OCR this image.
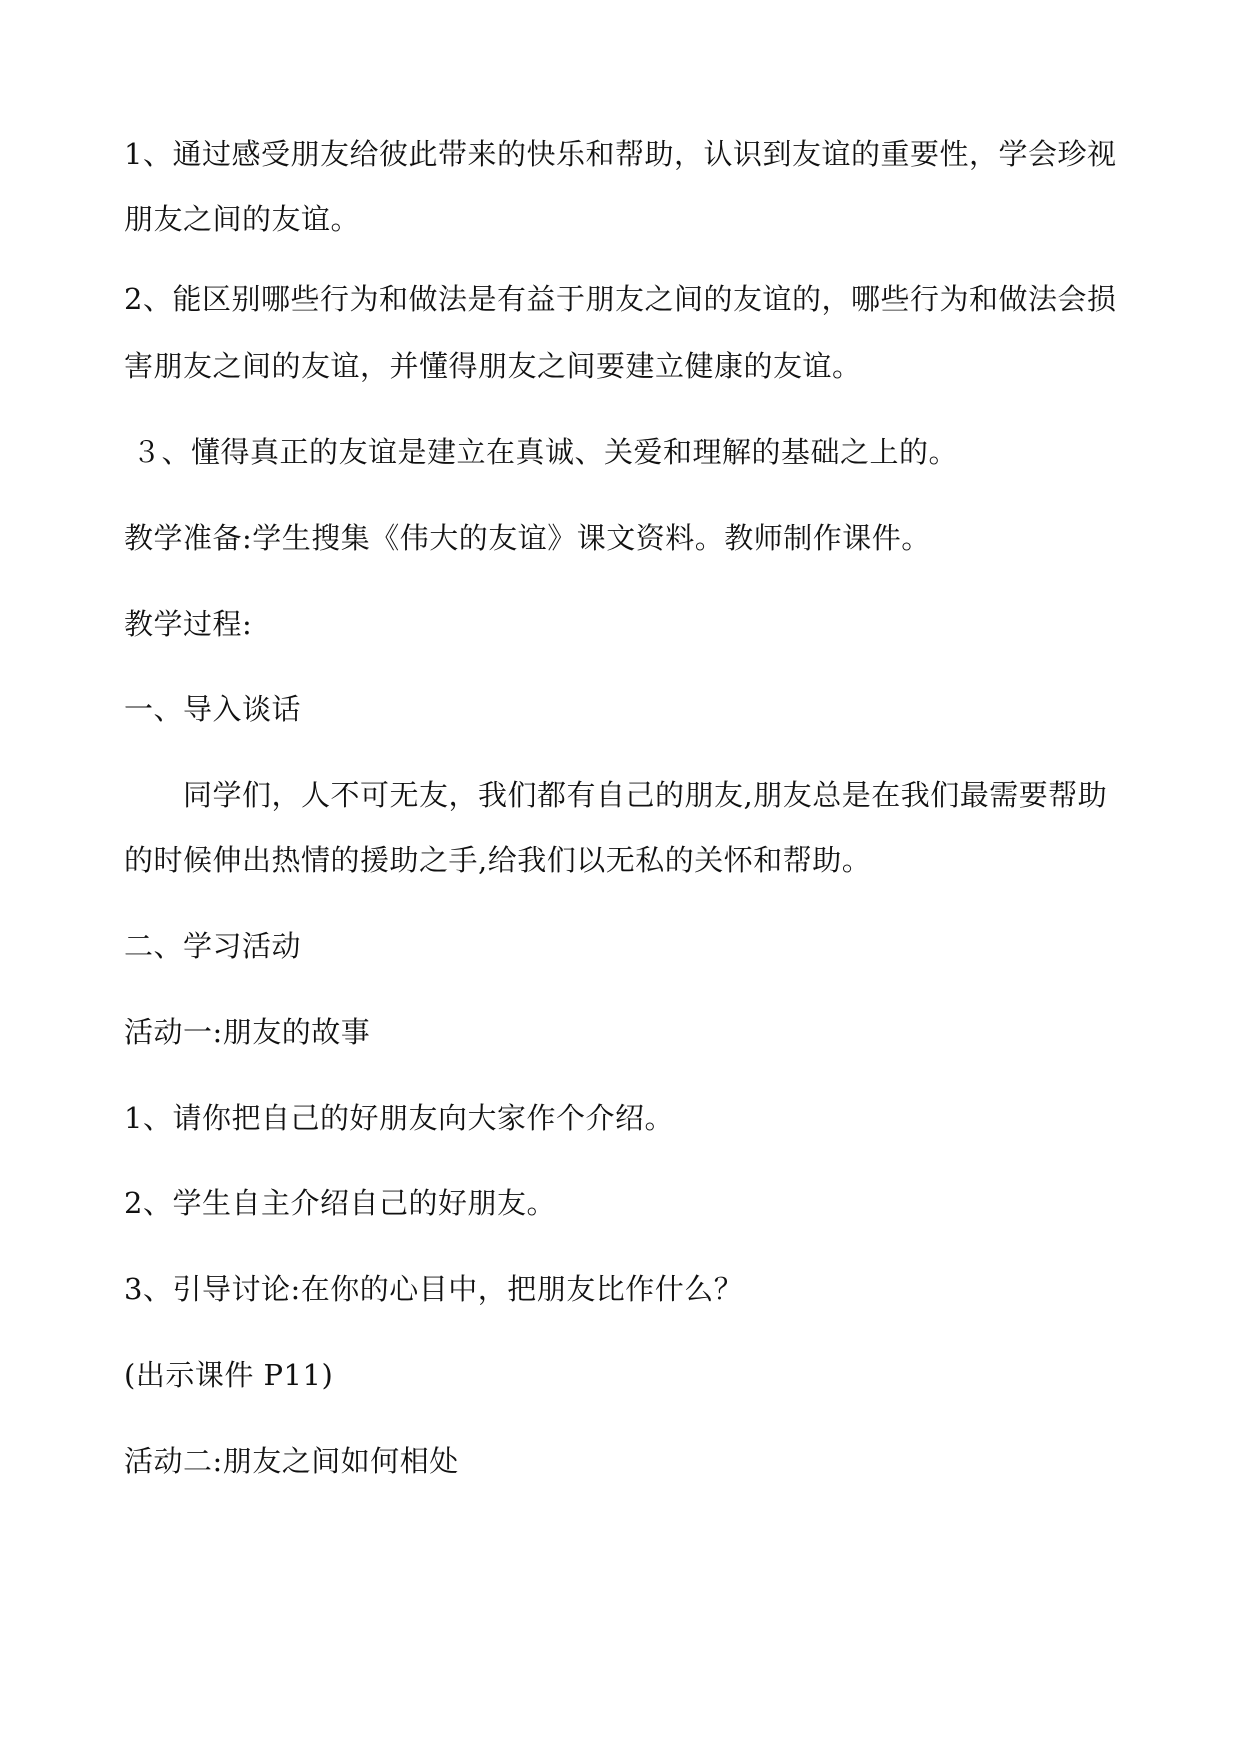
1、通过感受朋友给彼此带来的快乐和帮助，认识到友谊的重要性，学会珍视
朋友之间的友谊。
2、能区别哪些行为和做法是有益于朋友之间的友谊的，哪些行为和做法会损
害朋友之间的友谊，并懂得朋友之间要建立健康的友谊。
３、懂得真正的友谊是建立在真诚、关爱和理解的基础之上的。
教学准备:学生搜集《伟大的友谊》课文资料。教师制作课件。
教学过程:
一、导入谈话
同学们，人不可无友，我们都有自己的朋友,朋友总是在我们最需要帮助
的时候伸出热情的援助之手,给我们以无私的关怀和帮助。
二、学习活动
活动一:朋友的故事
1、请你把自己的好朋友向大家作个介绍。
2、学生自主介绍自己的好朋友。
3、引导讨论:在你的心目中，把朋友比作什么？
(出示课件 P11)
活动二:朋友之间如何相处
